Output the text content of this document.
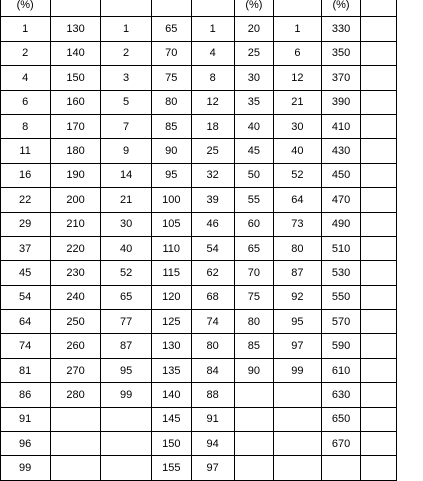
	(%)					(%)		(%)	
	1	130	1	65	1	20	1	330	
	2	140	2	70	4	25	6	350	
	4	150	3	75	8	30	12	370	
	6	160	5	80	12	35	21	390	
	8	170	7	85	18	40	30	410	
	11	180	9	90	25	45	40	430	
	16	190	14	95	32	50	52	450	
	22	200	21	100	39	55	64	470	
	29	210	30	105	46	60	73	490	
	37	220	40	110	54	65	80	510	
	45	230	52	115	62	70	87	530	
	54	240	65	120	68	75	92	550	
	64	250	77	125	74	80	95	570	
	74	260	87	130	80	85	97	590	
	81	270	95	135	84	90	99	610	
	86	280	99	140	88			630	
	91			145	91			650	
	96			150	94			670	
	99			155	97				
